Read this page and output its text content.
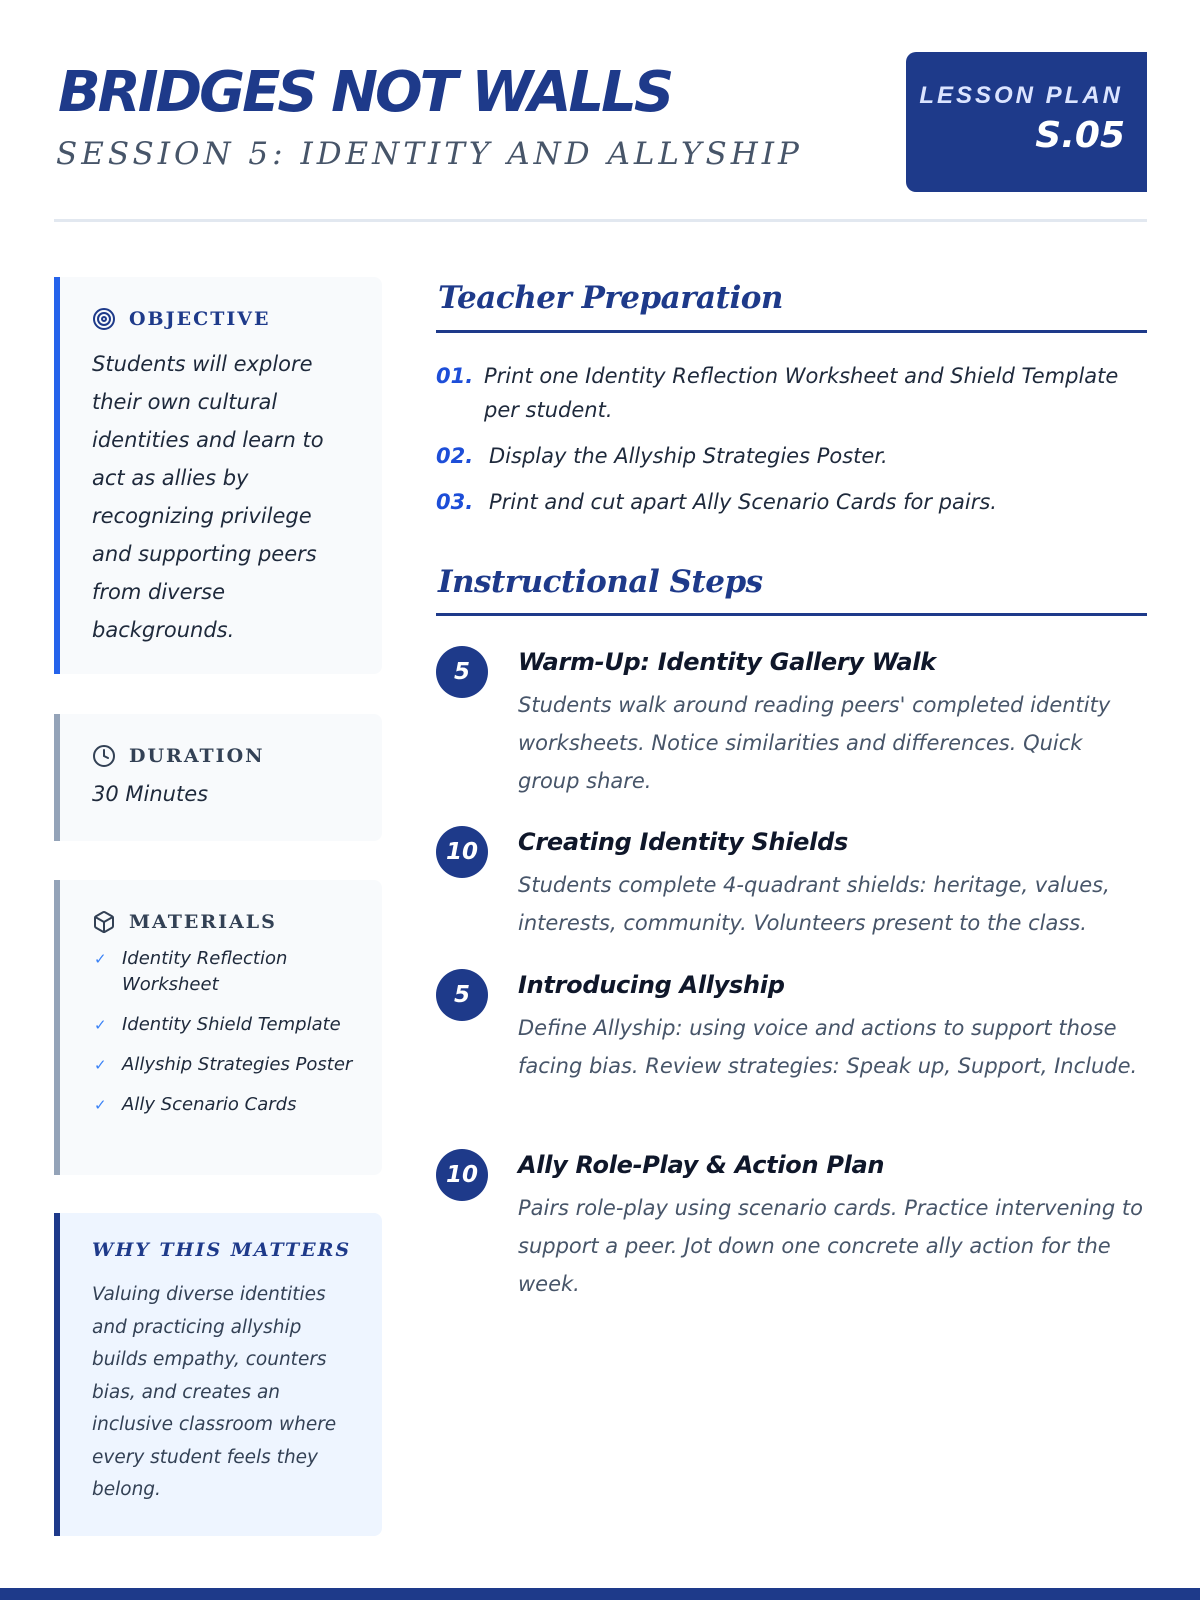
BRIDGES NOT WALLS
SESSION 5: IDENTITY AND ALLYSHIP
LESSON PLAN
S.05
OBJECTIVE

Students will explore their own cultural identities and learn to act as allies by recognizing privilege and supporting peers from diverse backgrounds.

DURATION
30 Minutes
MATERIALS
✓ Identity Reflection Worksheet
✓ Identity Shield Template
✓ Allyship Strategies Poster
✓ Ally Scenario Cards
WHY THIS MATTERS

Valuing diverse identities and practicing allyship builds empathy, counters bias, and creates an inclusive classroom where every student feels they belong.

Teacher Preparation
01. Print one Identity Reflection Worksheet and Shield Template per student.
02. Display the Allyship Strategies Poster.
03. Print and cut apart Ally Scenario Cards for pairs.
Instructional Steps
5	Warm-Up: Identity Gallery Walk

Students walk around reading peers' completed identity worksheets. Notice similarities and differences. Quick group share.

10	Creating Identity Shields

Students complete 4-quadrant shields: heritage, values, interests, community. Volunteers present to the class.

5	Introducing Allyship

Define Allyship: using voice and actions to support those facing bias. Review strategies: Speak up, Support, Include.

10	Ally Role-Play & Action Plan

Pairs role-play using scenario cards. Practice intervening to support a peer. Jot down one concrete ally action for the week.
